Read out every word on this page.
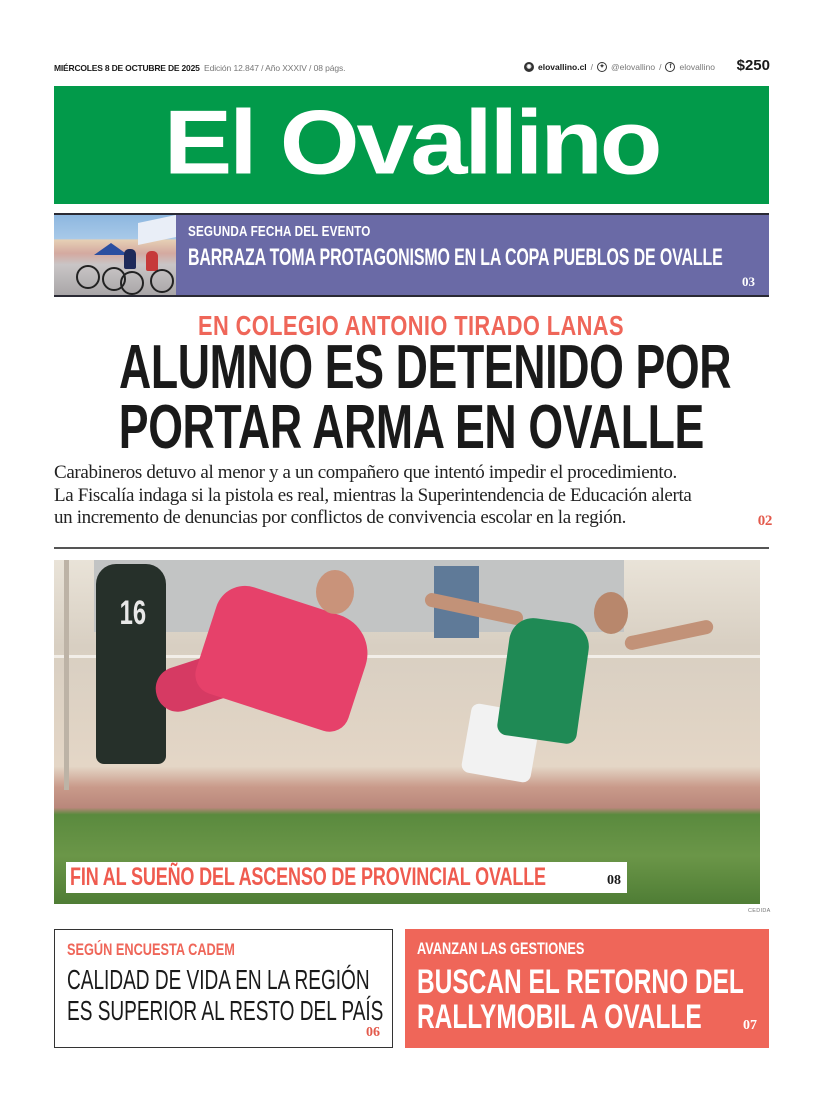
MIÉRCOLES 8 DE OCTUBRE DE 2025 Edición 12.847 / Año XXXIV / 08 págs.	◉ elovallino.cl /	✦ @elovallino /	f elovallino $250
El Ovallino
SEGUNDA FECHA DEL EVENTO
BARRAZA TOMA PROTAGONISMO EN LA COPA PUEBLOS DE OVALLE
03
EN COLEGIO ANTONIO TIRADO LANAS
ALUMNO ES DETENIDO POR
PORTAR ARMA EN OVALLE
Carabineros detuvo al menor y a un compañero que intentó impedir el procedimiento.
La Fiscalía indaga si la pistola es real, mientras la Superintendencia de Educación alerta
un incremento de denuncias por conflictos de convivencia escolar en la región.	02
16
FIN AL SUEÑO DEL ASCENSO DE PROVINCIAL OVALLE	08
CEDIDA
SEGÚN ENCUESTA CADEM
CALIDAD DE VIDA EN LA REGIÓN
ES SUPERIOR AL RESTO DEL PAÍS
06
AVANZAN LAS GESTIONES
BUSCAN EL RETORNO DEL
RALLYMOBIL A OVALLE	07
